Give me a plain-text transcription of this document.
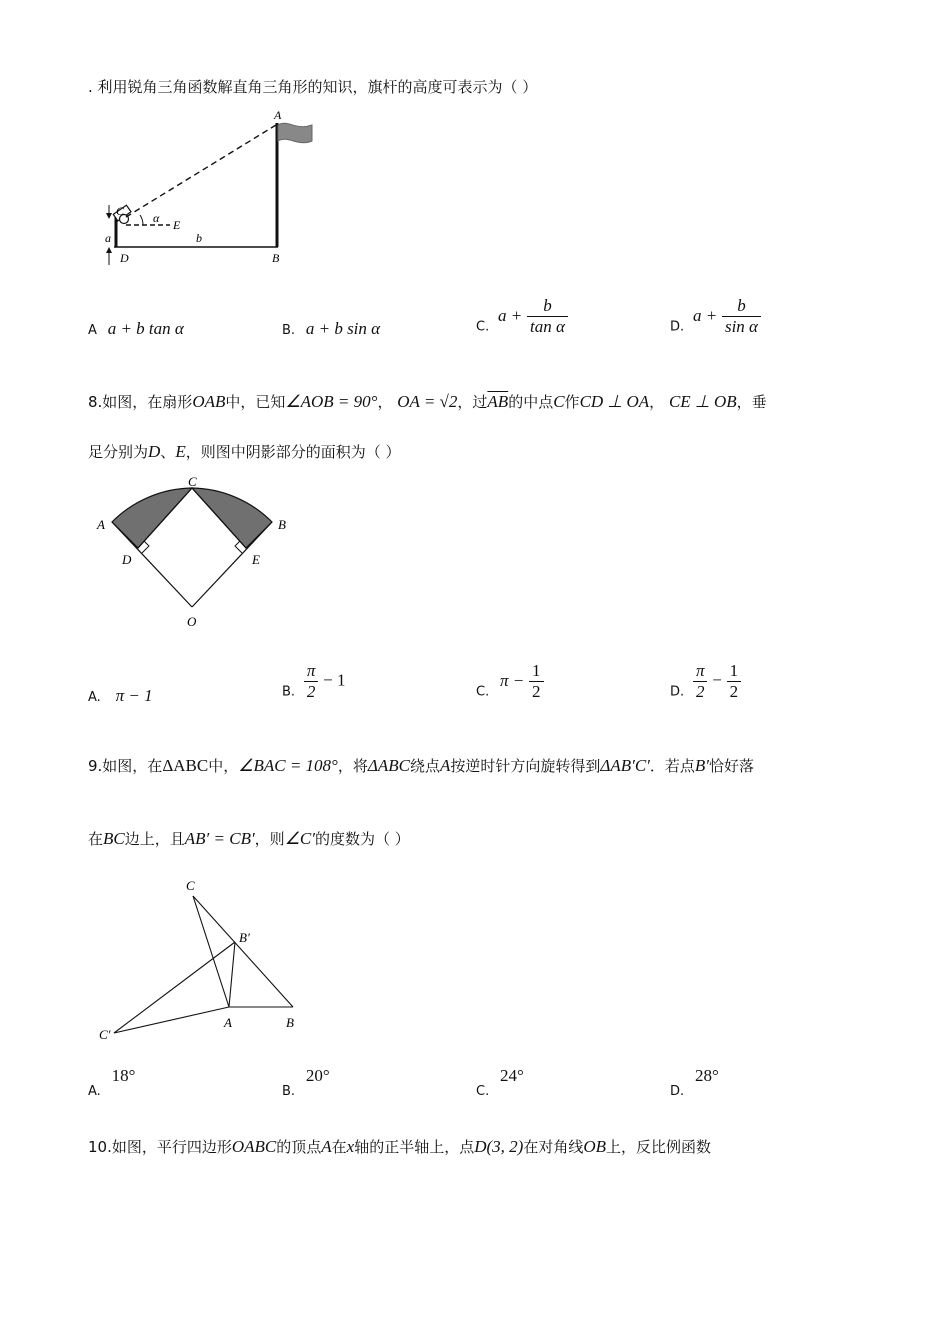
. 利用锐角三角函数解直角三角形的知识，旗杆的高度可表示为（ ）
A
B
C
D
E
a	b
α
A a + b tan α	B. a + b sin α	C. $a + \frac{b}{\text{tan α}}$	D. $a + \frac{b}{\text{sin α}}$
8.如图，在扇形OAB中，已知∠AOB = 90°， OA = √2，过$\overline{AB}$的中点C作CD ⊥ OA， CE ⊥ OB，垂
足分别为D、E，则图中阴影部分的面积为（ ）
A	B
C
D	E
O
A. π − 1	B. $\frac{\pi}{2} - 1$
C. $\pi - \frac{1}{2}$	D. $\frac{\pi}{2} - \frac{1}{2}$
9.如图，在ΔABC中，∠BAC = 108°，将ΔABC绕点A按逆时针方向旋转得到ΔAB′C′．若点B′恰好落
在BC边上，且AB′ = CB′，则∠C′的度数为（ ）
C
A	B
B′
C′
A. 18°
B. 20°
C. 24°
D. 28°
10.如图，平行四边形OABC的顶点A在x轴的正半轴上，点D(3, 2)在对角线OB上，反比例函数
